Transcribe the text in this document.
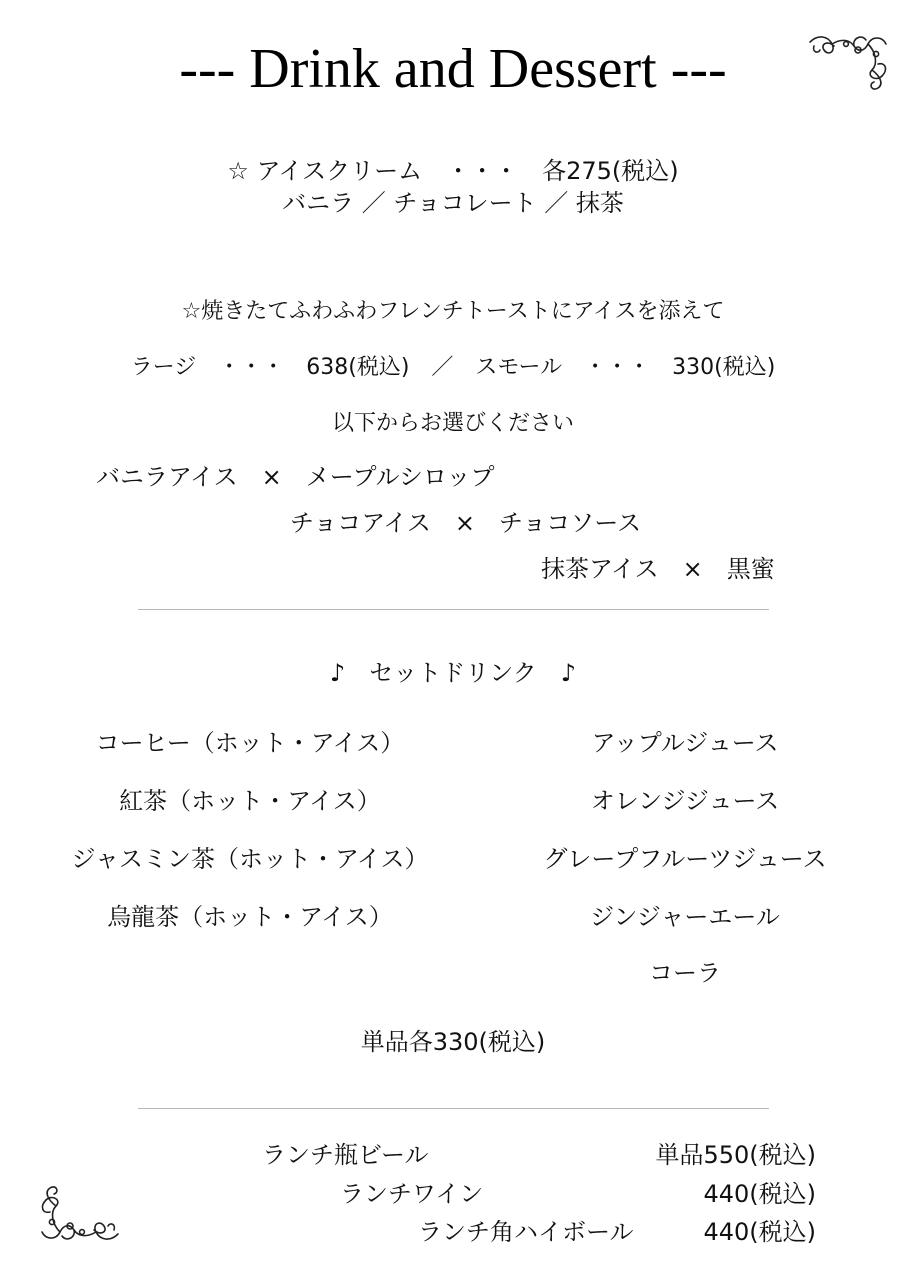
--- Drink and Dessert ---
☆ アイスクリーム　・・・　各275(税込)
バニラ ／ チョコレート ／ 抹茶
☆焼きたてふわふわフレンチトーストにアイスを添えて
ラージ　・・・　638(税込)　／　スモール　・・・　330(税込)
以下からお選びください
バニラアイス　×　メープルシロップ
チョコアイス　×　チョコソース
抹茶アイス　×　黒蜜
♪　セットドリンク　♪
コーヒー（ホット・アイス）
紅茶（ホット・アイス）
ジャスミン茶（ホット・アイス）
烏龍茶（ホット・アイス）
アップルジュース
オレンジジュース
グレープフルーツジュース
ジンジャーエール
コーラ
単品各330(税込)
ランチ瓶ビール	単品550(税込)
ランチワイン	440(税込)
ランチ角ハイボール	440(税込)
